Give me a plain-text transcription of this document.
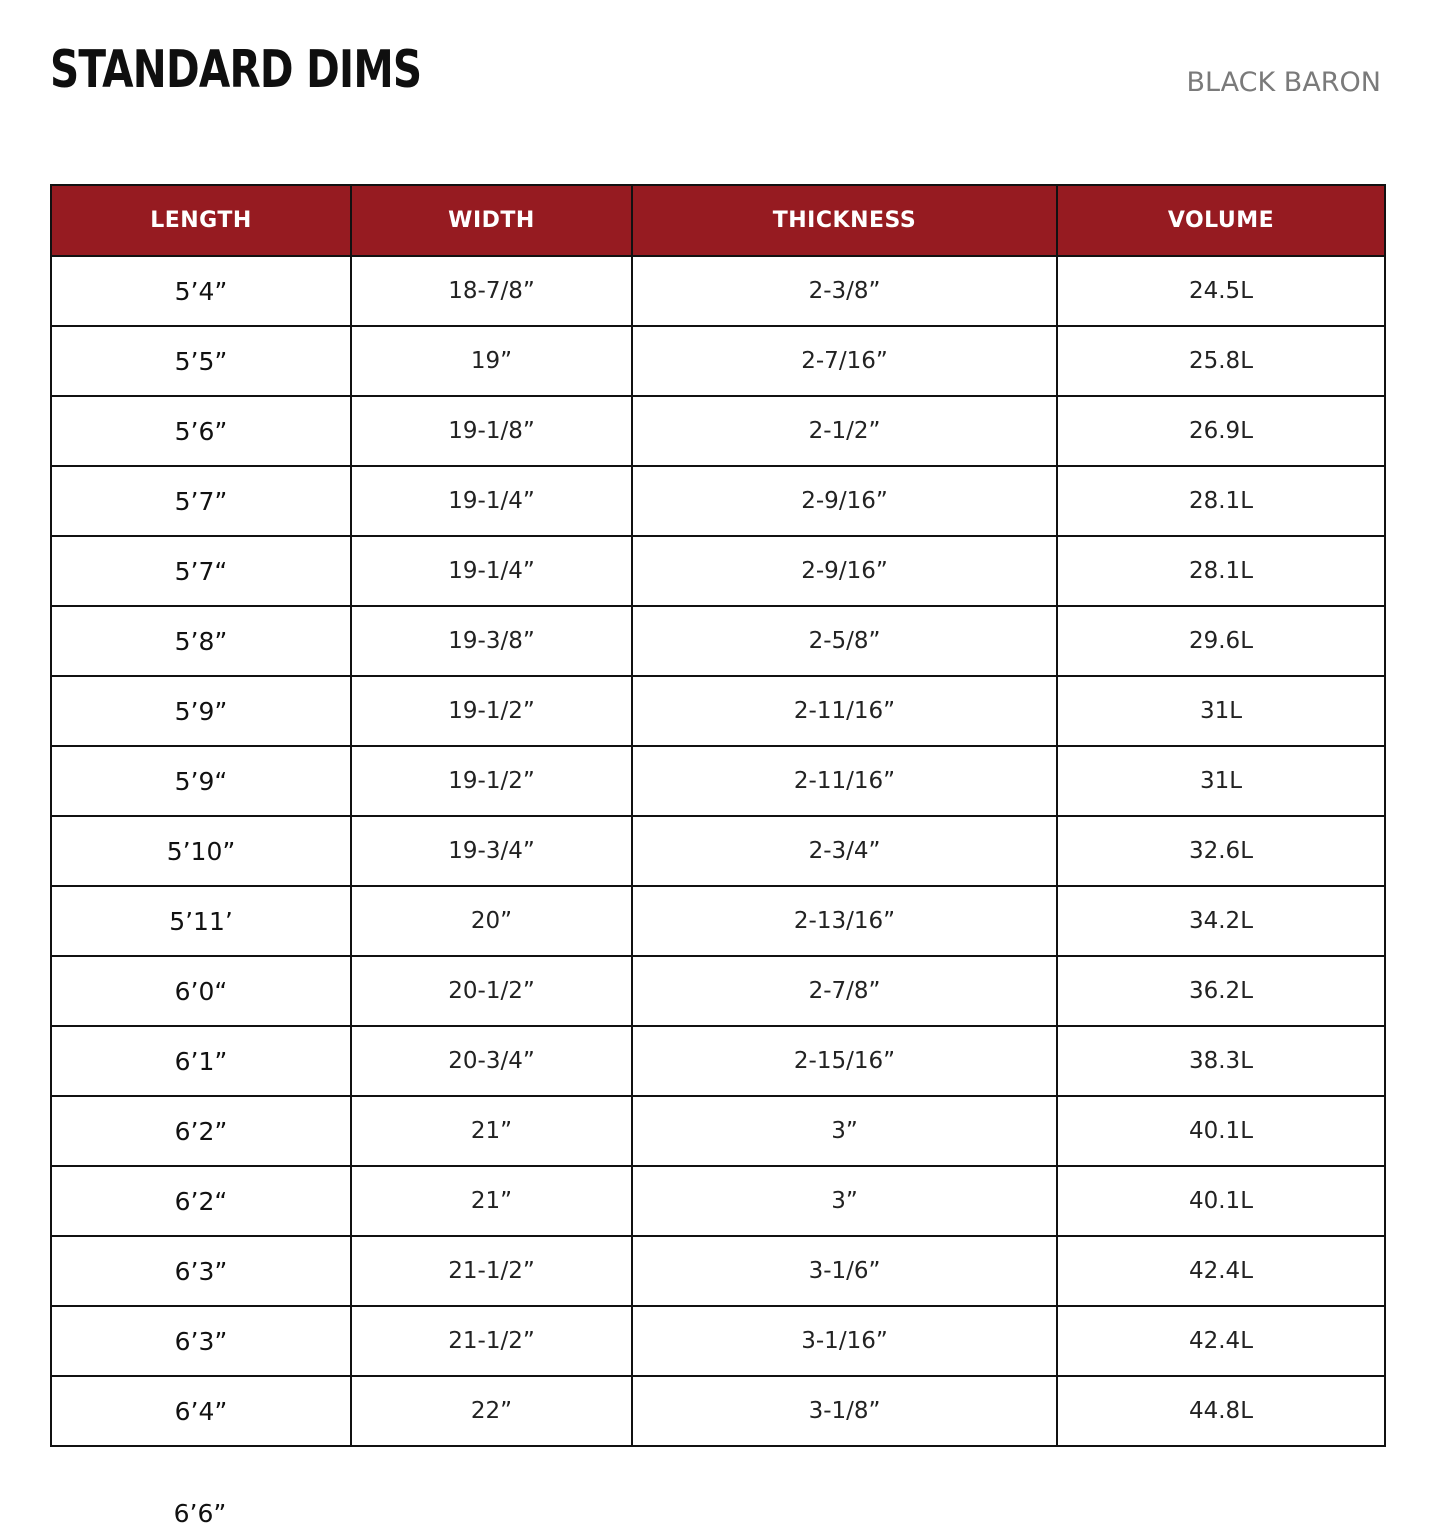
STANDARD DIMS	BLACK BARON
LENGTH	WIDTH	THICKNESS	VOLUME
5’4”	18-7/8”	2-3/8”	24.5L
5’5”	19”	2-7/16”	25.8L
5’6”	19-1/8”	2-1/2”	26.9L
5’7”	19-1/4”	2-9/16”	28.1L
5’7“	19-1/4”	2-9/16”	28.1L
5’8”	19-3/8”	2-5/8”	29.6L
5’9”	19-1/2”	2-11/16”	31L
5’9“	19-1/2”	2-11/16”	31L
5’10”	19-3/4”	2-3/4”	32.6L
5’11’	20”	2-13/16”	34.2L
6’0“	20-1/2”	2-7/8”	36.2L
6’1”	20-3/4”	2-15/16”	38.3L
6’2”	21”	3”	40.1L
6’2“	21”	3”	40.1L
6’3”	21-1/2”	3-1/6”	42.4L
6’3”	21-1/2”	3-1/16”	42.4L
6’4”	22”	3-1/8”	44.8L
6’6”
